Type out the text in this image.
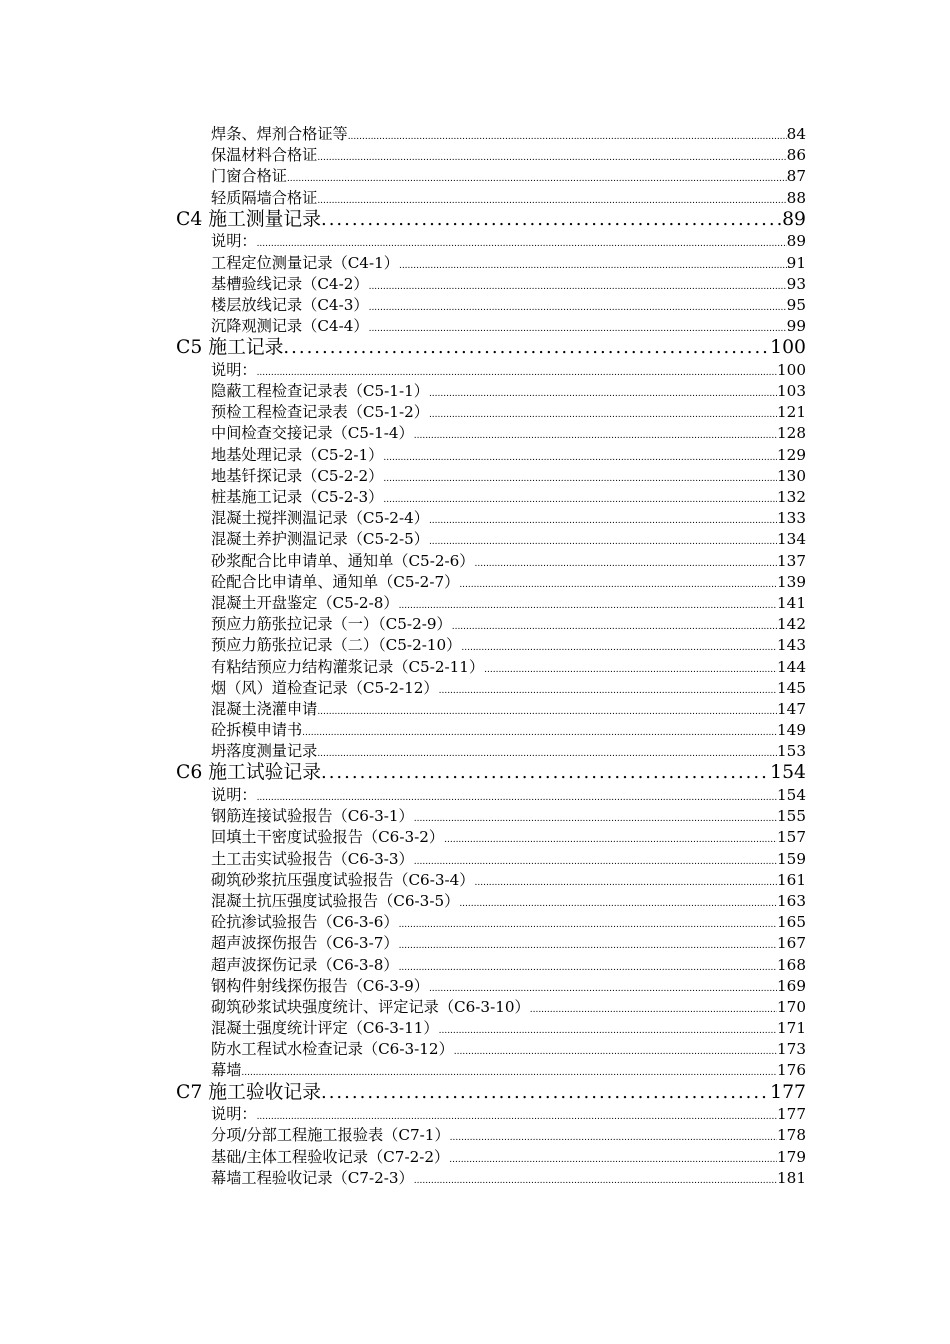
焊条、焊剂合格证等 .....	84
保温材料合格证 .....	86
门窗合格证 .....	87
轻质隔墙合格证 .....	88
C4 施工测量记录 .....	89
说明： .....	89
工程定位测量记录（C4-1） .....	91
基槽验线记录（C4-2） .....	93
楼层放线记录（C4-3） .....	95
沉降观测记录（C4-4） .....	99
C5 施工记录 .....	100
说明： .....	100
隐蔽工程检查记录表（C5-1-1） .....	103
预检工程检查记录表（C5-1-2） .....	121
中间检查交接记录（C5-1-4） .....	128
地基处理记录（C5-2-1） .....	129
地基钎探记录（C5-2-2） .....	130
桩基施工记录（C5-2-3） .....	132
混凝土搅拌测温记录（C5-2-4） .....	133
混凝土养护测温记录（C5-2-5） .....	134
砂浆配合比申请单、通知单（C5-2-6） .....	137
砼配合比申请单、通知单（C5-2-7） .....	139
混凝土开盘鉴定（C5-2-8） .....	141
预应力筋张拉记录（一）（C5-2-9） .....	142
预应力筋张拉记录（二）（C5-2-10） .....	143
有粘结预应力结构灌浆记录（C5-2-11） .....	144
烟（风）道检查记录（C5-2-12） .....	145
混凝土浇灌申请 .....	147
砼拆模申请书 .....	149
坍落度测量记录 .....	153
C6 施工试验记录 .....	154
说明： .....	154
钢筋连接试验报告（C6-3-1） .....	155
回填土干密度试验报告（C6-3-2） .....	157
土工击实试验报告（C6-3-3） .....	159
砌筑砂浆抗压强度试验报告（C6-3-4） .....	161
混凝土抗压强度试验报告（C6-3-5） .....	163
砼抗渗试验报告（C6-3-6） .....	165
超声波探伤报告（C6-3-7） .....	167
超声波探伤记录（C6-3-8） .....	168
钢构件射线探伤报告（C6-3-9） .....	169
砌筑砂浆试块强度统计、评定记录（C6-3-10） .....	170
混凝土强度统计评定（C6-3-11） .....	171
防水工程试水检查记录（C6-3-12） .....	173
幕墙 .....	176
C7 施工验收记录 .....	177
说明： .....	177
分项/分部工程施工报验表（C7-1） .....	178
基础/主体工程验收记录（C7-2-2） .....	179
幕墙工程验收记录（C7-2-3） .....	181
